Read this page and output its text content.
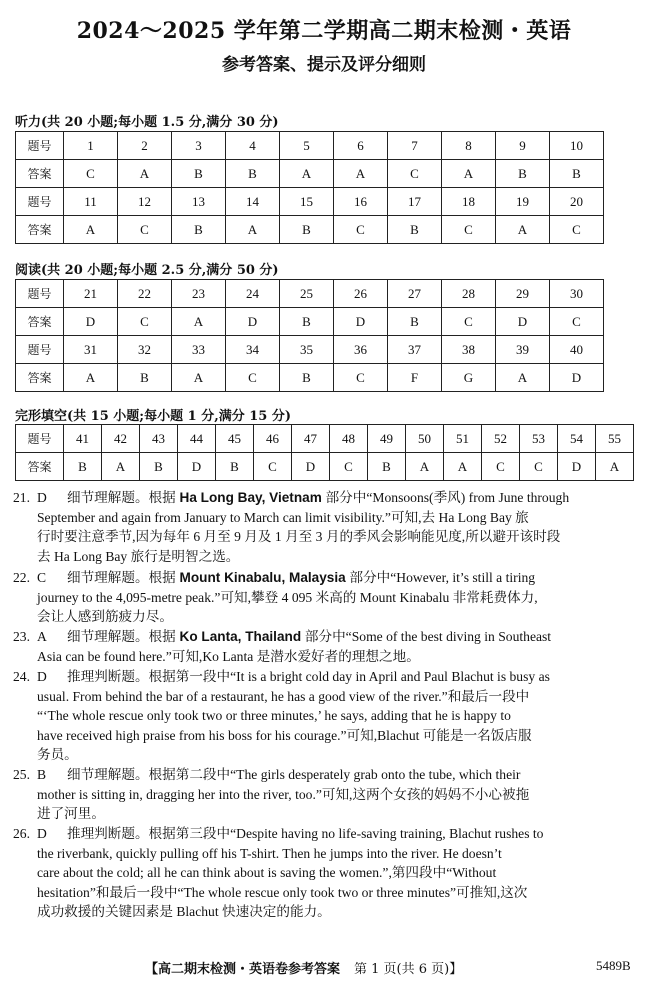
2024～2025 学年第二学期高二期末检测・英语
参考答案、提示及评分细则
听力(共 20 小题;每小题 1.5 分,满分 30 分)
题号	1	2	3	4	5	6	7	8	9	10
答案	C	A	B	B	A	A	C	A	B	B
题号	11	12	13	14	15	16	17	18	19	20
答案	A	C	B	A	B	C	B	C	A	C
阅读(共 20 小题;每小题 2.5 分,满分 50 分)
题号	21	22	23	24	25	26	27	28	29	30
答案	D	C	A	D	B	D	B	C	D	C
题号	31	32	33	34	35	36	37	38	39	40
答案	A	B	A	C	B	C	F	G	A	D
完形填空(共 15 小题;每小题 1 分,满分 15 分)
题号	41	42	43	44	45	46	47	48	49	50	51	52	53	54	55
答案	B	A	B	D	B	C	D	C	B	A	A	C	C	D	A
21. D 细节理解题。根据 Ha Long Bay, Vietnam 部分中“Monsoons(季风) from June through
September and again from January to March can limit visibility.”可知,去 Ha Long Bay 旅
行时要注意季节,因为每年 6 月至 9 月及 1 月至 3 月的季风会影响能见度,所以避开该时段
去 Ha Long Bay 旅行是明智之选。
22. C 细节理解题。根据 Mount Kinabalu, Malaysia 部分中“However, it’s still a tiring
journey to the 4,095-metre peak.”可知,攀登 4 095 米高的 Mount Kinabalu 非常耗费体力,
会让人感到筋疲力尽。
23. A 细节理解题。根据 Ko Lanta, Thailand 部分中“Some of the best diving in Southeast
Asia can be found here.”可知,Ko Lanta 是潜水爱好者的理想之地。
24. D 推理判断题。根据第一段中“It is a bright cold day in April and Paul Blachut is busy as
usual. From behind the bar of a restaurant, he has a good view of the river.”和最后一段中
“‘The whole rescue only took two or three minutes,’ he says, adding that he is happy to
have received high praise from his boss for his courage.”可知,Blachut 可能是一名饭店服
务员。
25. B 细节理解题。根据第二段中“The girls desperately grab onto the tube, which their
mother is sitting in, dragging her into the river, too.”可知,这两个女孩的妈妈不小心被拖
进了河里。
26. D 推理判断题。根据第三段中“Despite having no life-saving training, Blachut rushes to
the riverbank, quickly pulling off his T-shirt. Then he jumps into the river. He doesn’t
care about the cold; all he can think about is saving the women.”,第四段中“Without
hesitation”和最后一段中“The whole rescue only took two or three minutes”可推知,这次
成功救援的关键因素是 Blachut 快速决定的能力。
【高二期末检测・英语卷参考答案 第 1 页(共 6 页)】	5489B
